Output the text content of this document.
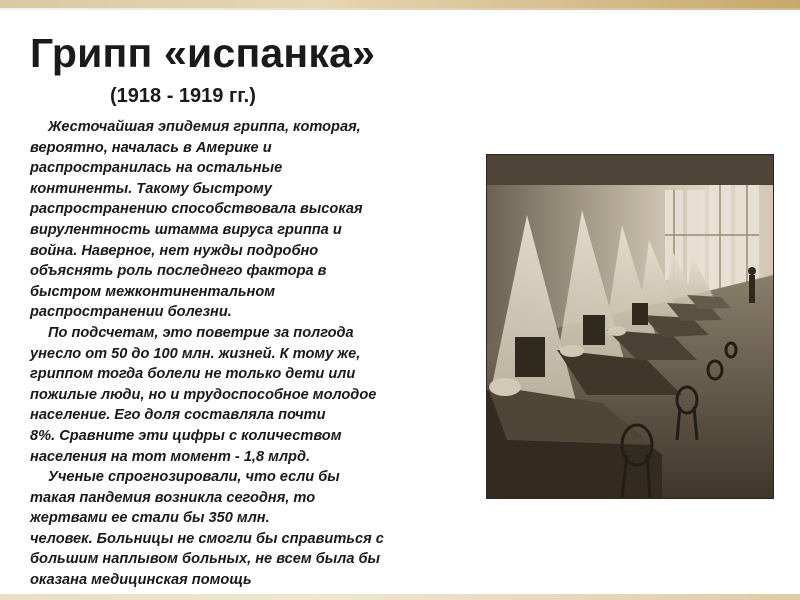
Грипп «испанка»
(1918 - 1919 гг.)
Жесточайшая эпидемия гриппа, которая,
вероятно, началась в Америке и
распространилась на остальные
континенты. Такому быстрому
распространению способствовала высокая
вирулентность штамма вируса гриппа и
война. Наверное, нет нужды подробно
объяснять роль последнего фактора в
быстром межконтинентальном
распространении болезни.
По подсчетам, это поветрие за полгода
унесло от 50 до 100 млн. жизней. К тому же,
гриппом тогда болели не только дети или
пожилые люди, но и трудоспособное молодое
население. Его доля составляла почти
8%. Сравните эти цифры с количеством
населения на тот момент - 1,8 млрд.
Ученые спрогнозировали, что если бы
такая пандемия возникла сегодня, то
жертвами ее стали бы 350 млн.
человек. Больницы не смогли бы справиться с
большим наплывом больных, не всем была бы
оказана медицинская помощь
